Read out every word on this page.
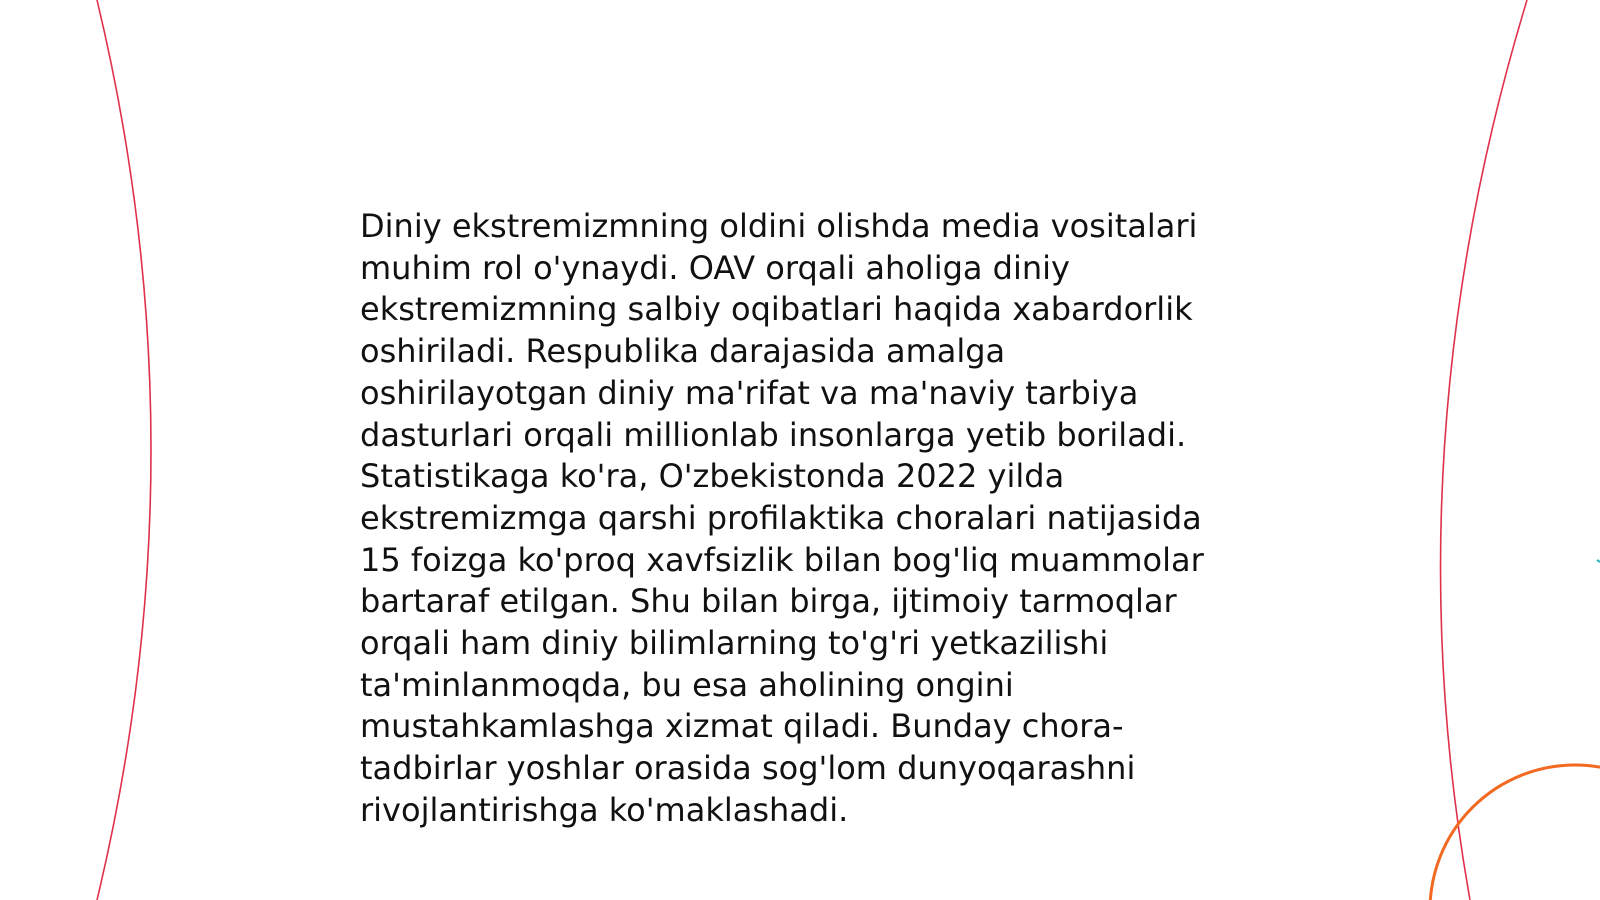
Diniy ekstremizmning oldini olishda media vositalari
muhim rol o'ynaydi. OAV orqali aholiga diniy
ekstremizmning salbiy oqibatlari haqida xabardorlik
oshiriladi. Respublika darajasida amalga
oshirilayotgan diniy ma'rifat va ma'naviy tarbiya
dasturlari orqali millionlab insonlarga yetib boriladi.
Statistikaga ko'ra, O'zbekistonda 2022 yilda
ekstremizmga qarshi profilaktika choralari natijasida
15 foizga ko'proq xavfsizlik bilan bog'liq muammolar
bartaraf etilgan. Shu bilan birga, ijtimoiy tarmoqlar
orqali ham diniy bilimlarning to'g'ri yetkazilishi
ta'minlanmoqda, bu esa aholining ongini
mustahkamlashga xizmat qiladi. Bunday chora-
tadbirlar yoshlar orasida sog'lom dunyoqarashni
rivojlantirishga ko'maklashadi.
